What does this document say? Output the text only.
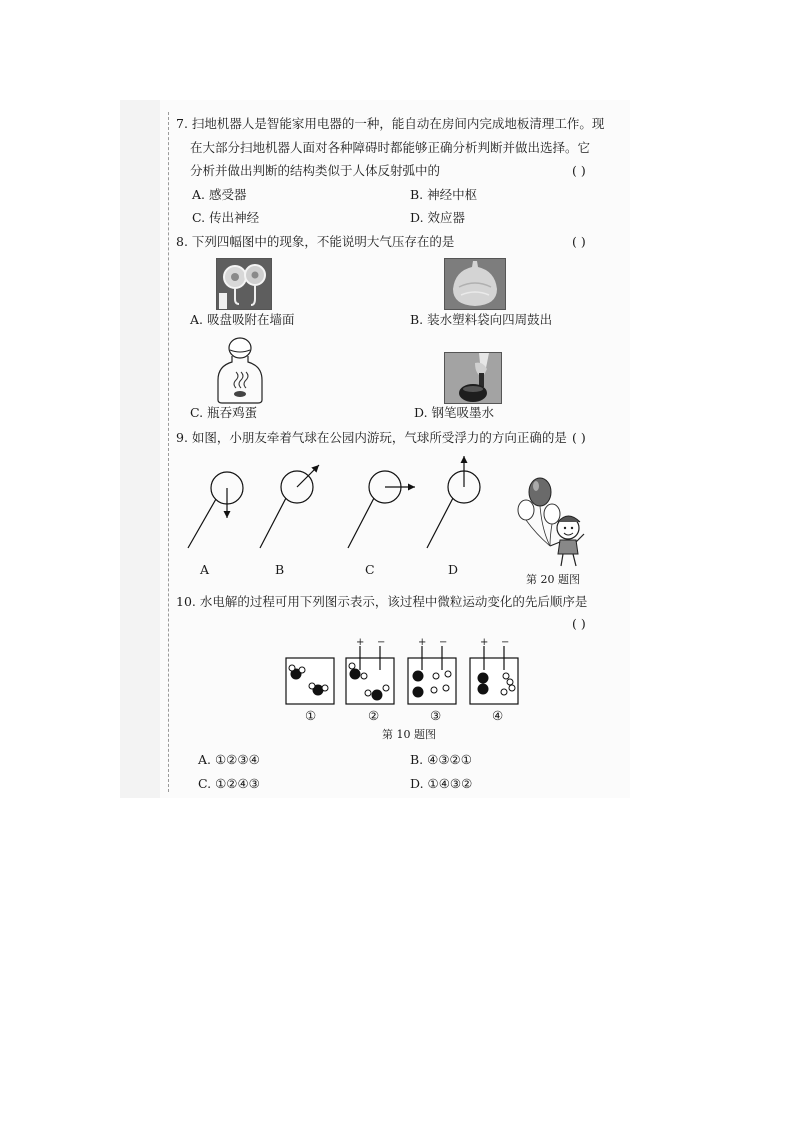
7. 扫地机器人是智能家用电器的一种，能自动在房间内完成地板清理工作。现
在大部分扫地机器人面对各种障碍时都能够正确分析判断并做出选择。它
分析并做出判断的结构类似于人体反射弧中的	( )
A. 感受器	B. 神经中枢
C. 传出神经	D. 效应器
8. 下列四幅图中的现象，不能说明大气压存在的是	( )
A. 吸盘吸附在墙面	B. 装水塑料袋向四周鼓出
C. 瓶吞鸡蛋	D. 钢笔吸墨水
9. 如图，小朋友牵着气球在公园内游玩，气球所受浮力的方向正确的是 ( )
A	B	C	D
第 20 题图
10. 水电解的过程可用下列图示表示，该过程中微粒运动变化的先后顺序是
( )
+ −	+ −	+ −
①	②	③	④
第 10 题图
A. ①②③④	B. ④③②①
C. ①②④③	D. ①④③②
